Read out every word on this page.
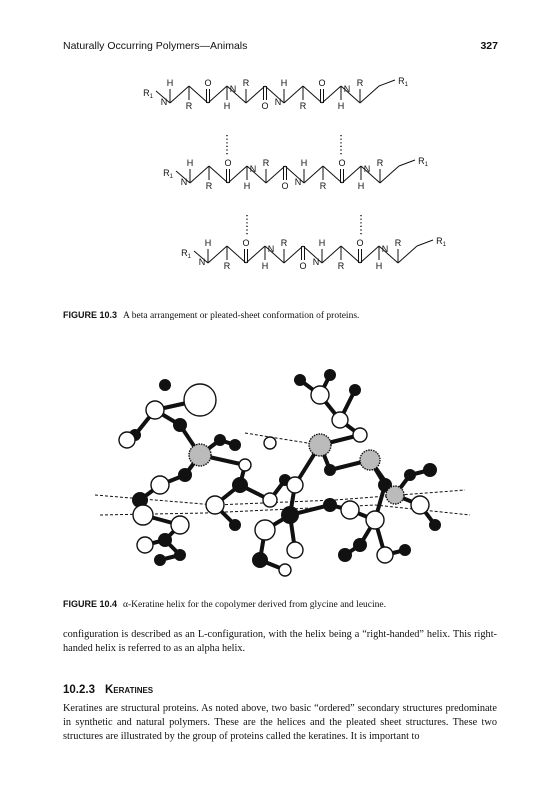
Naturally Occurring Polymers—Animals	327
$R_1$
$R_1$
H
R
O
H
R
O
H
R
O
H
R
N
N
N
N
$R_1$
$R_1$
H
R
O
H
R
O
H
R
O
H
R
N
N
N
N
$R_1$
$R_1$
H
R
O
H
R
O
H
R
O
H
R
N
N
N
N
FIGURE 10.3 A beta arrangement or pleated-sheet conformation of proteins.
FIGURE 10.4 α-Keratine helix for the copolymer derived from glycine and leucine.

configuration is described as an L-configuration, with the helix being a “right-handed” helix. This right-handed helix is referred to as an alpha helix.

10.2.3 Keratines

Keratines are structural proteins. As noted above, two basic “ordered” secondary structures predominate in synthetic and natural polymers. These are the helices and the pleated sheet structures. These two structures are illustrated by the group of proteins called the keratines. It is important to
